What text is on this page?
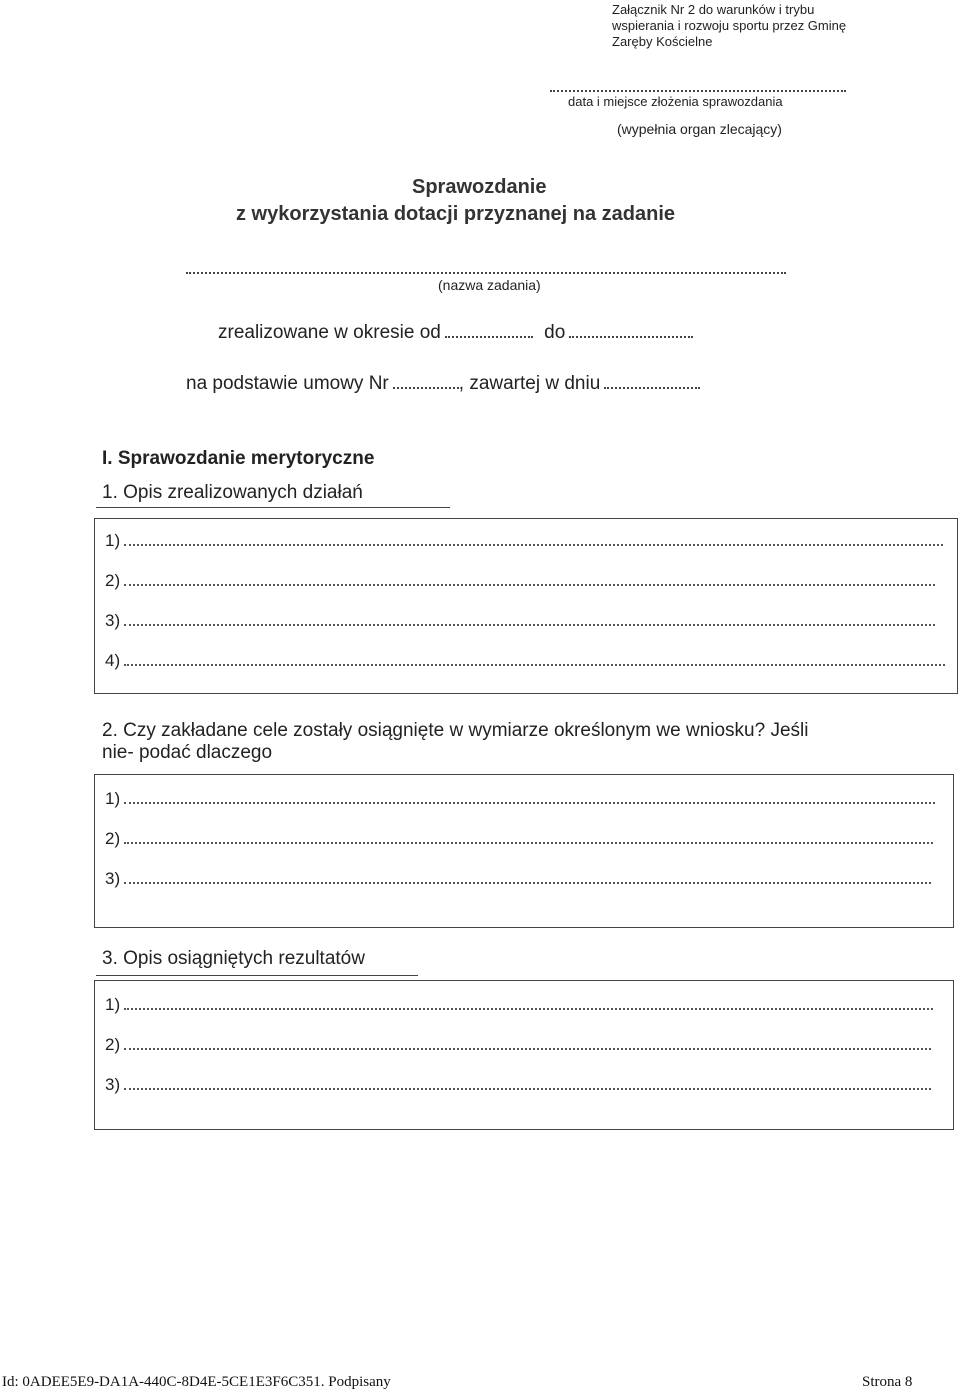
Załącznik Nr 2 do warunków i trybu
wspierania i rozwoju sportu przez Gminę
Zaręby Kościelne
data i miejsce złożenia sprawozdania
(wypełnia organ zlecający)
Sprawozdanie
z wykorzystania dotacji przyznanej na zadanie
(nazwa zadania)
zrealizowane w okresie od	do
na podstawie umowy Nr	, zawartej w dniu
I. Sprawozdanie merytoryczne
1. Opis zrealizowanych działań
1)
2)
3)
4)
2. Czy zakładane cele zostały osiągnięte w wymiarze określonym we wniosku? Jeśli nie- podać dlaczego
1)
2)
3)
3. Opis osiągniętych rezultatów
1)
2)
3)
Id: 0ADEE5E9-DA1A-440C-8D4E-5CE1E3F6C351. Podpisany	Strona 8
